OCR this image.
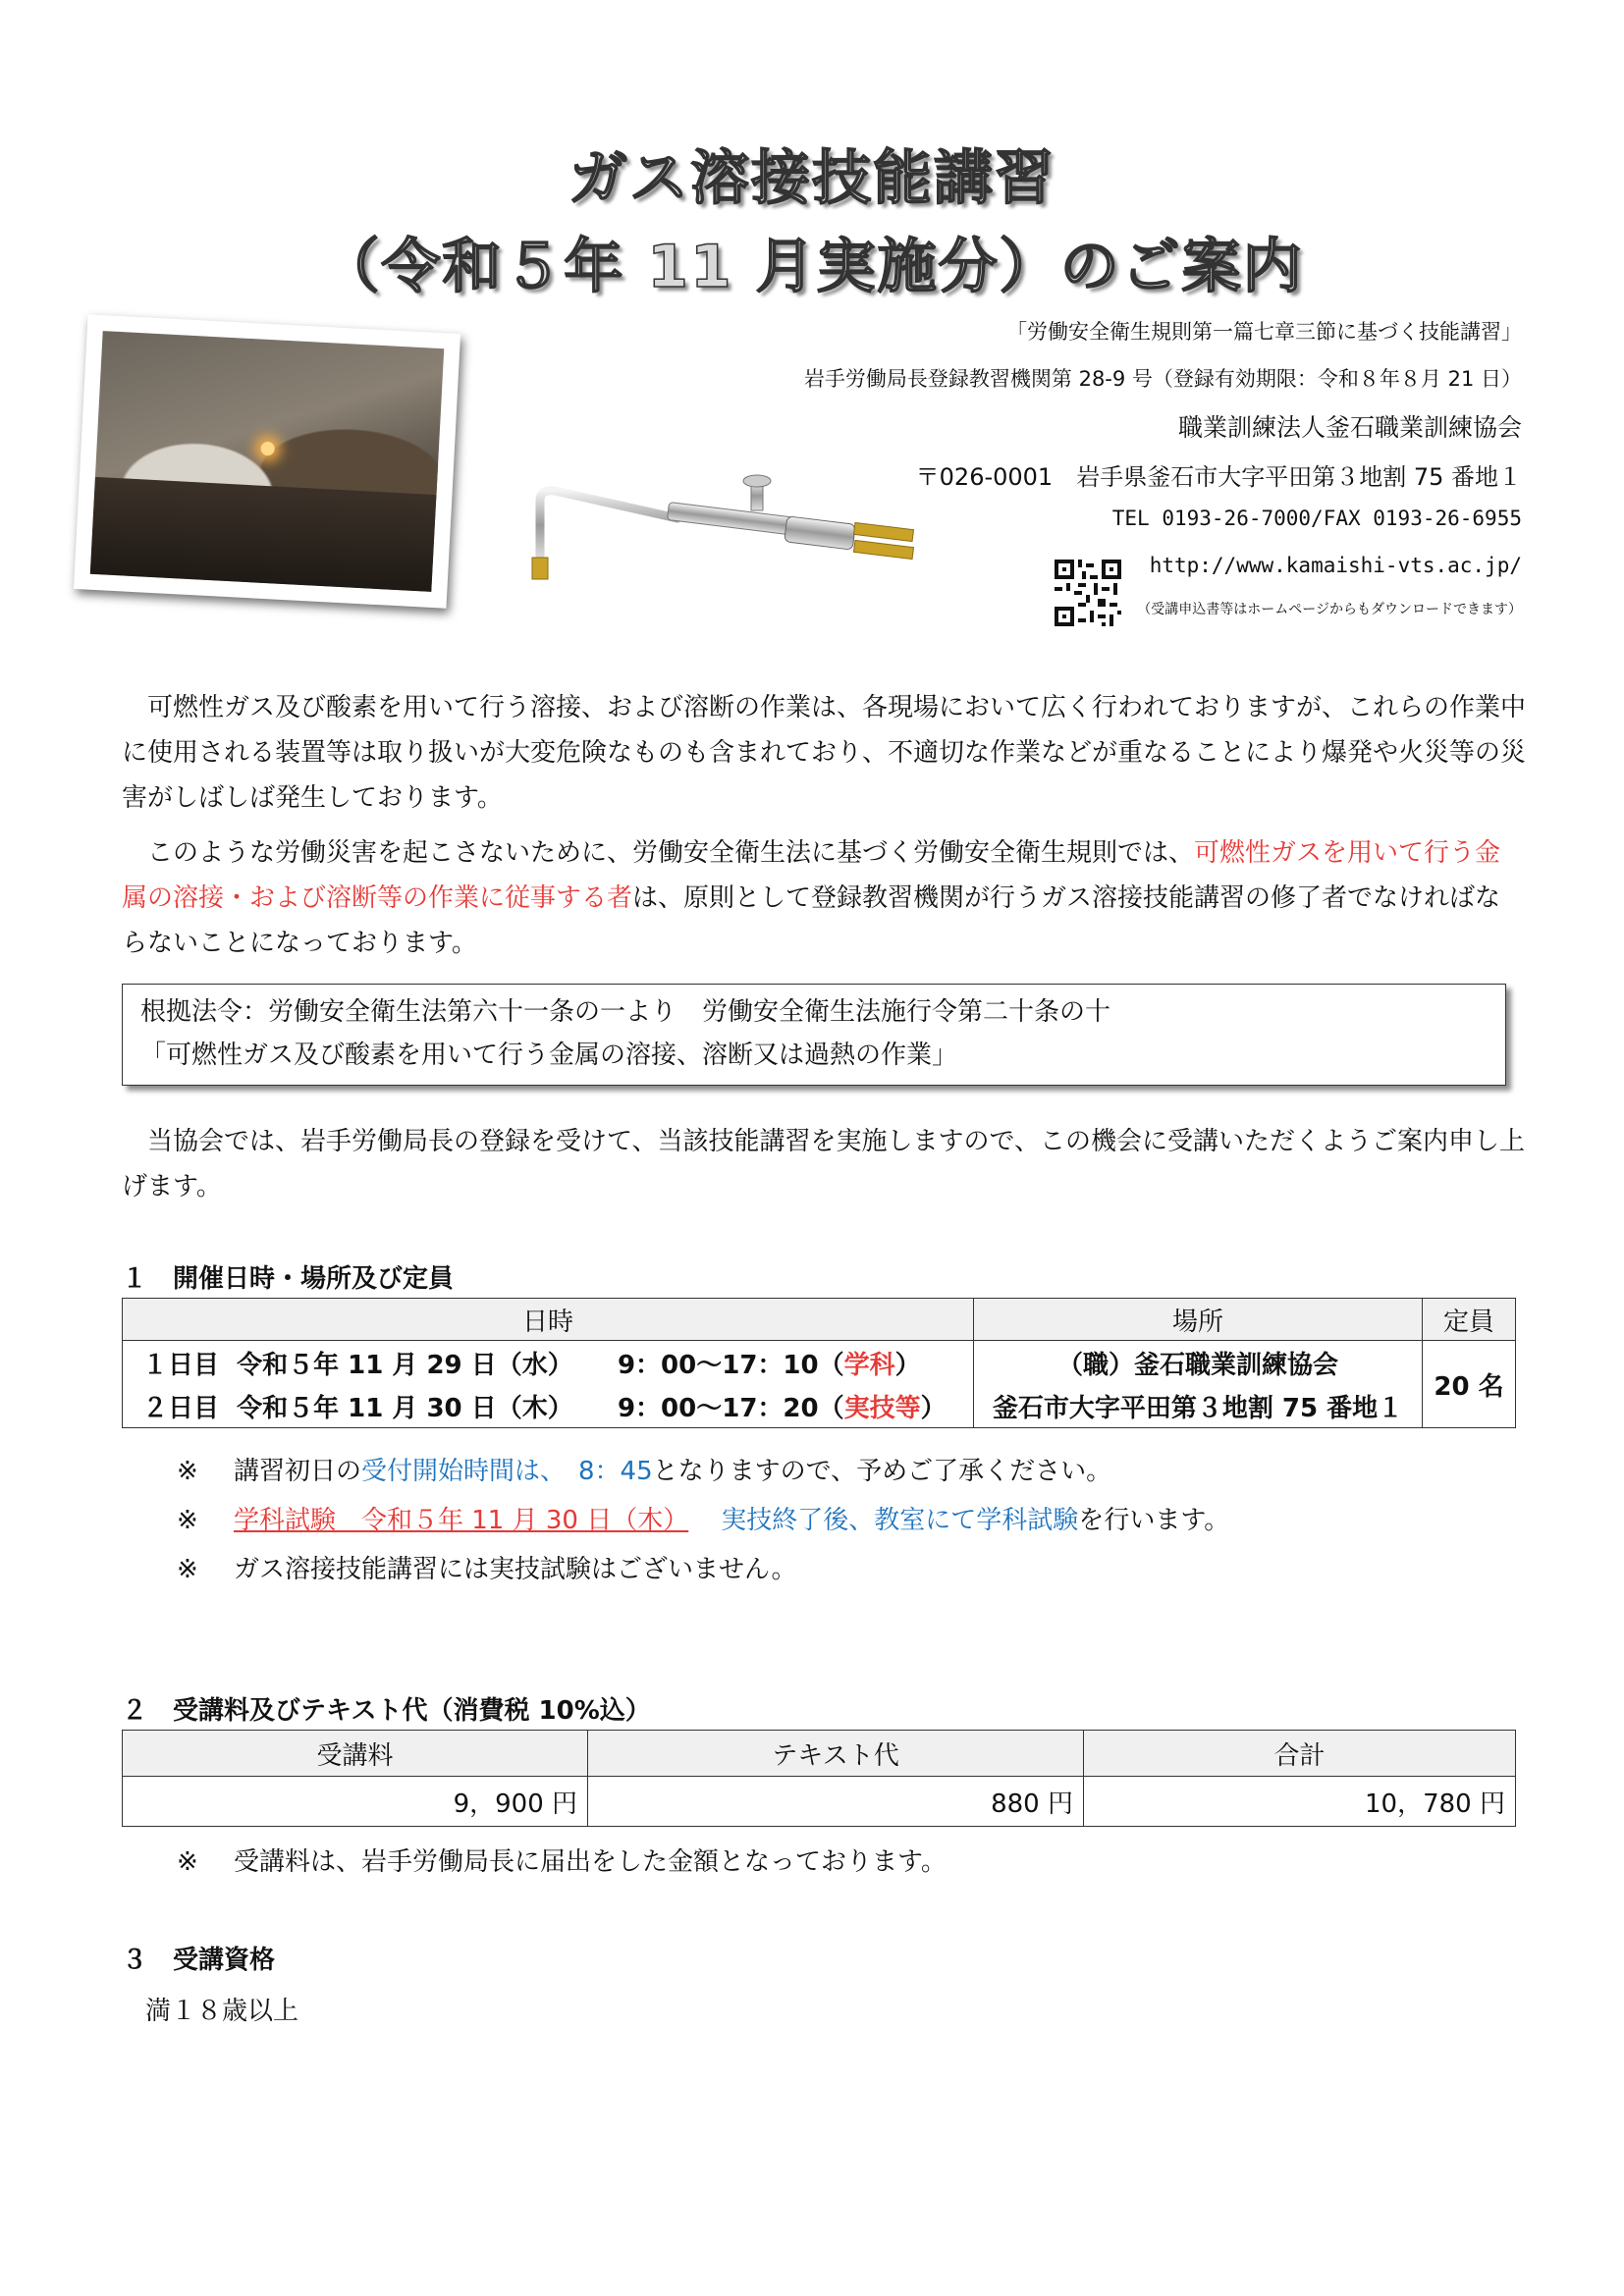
ガス溶接技能講習
（令和５年 11 月実施分）のご案内
「労働安全衛生規則第一篇七章三節に基づく技能講習」
岩手労働局長登録教習機関第 28-9 号（登録有効期限：令和８年８月 21 日）
職業訓練法人釜石職業訓練協会
〒026-0001　岩手県釜石市大字平田第３地割 75 番地１
TEL 0193-26-7000/FAX 0193-26-6955
http://www.kamaishi-vts.ac.jp/
（受講申込書等はホームページからもダウンロードできます）
可燃性ガス及び酸素を用いて行う溶接、および溶断の作業は、各現場において広く行われておりますが、これらの作業中に使用される装置等は取り扱いが大変危険なものも含まれており、不適切な作業などが重なることにより爆発や火災等の災害がしばしば発生しております。
このような労働災害を起こさないために、労働安全衛生法に基づく労働安全衛生規則では、可燃性ガスを用いて行う金属の溶接・および溶断等の作業に従事する者は、原則として登録教習機関が行うガス溶接技能講習の修了者でなければならないことになっております。
根拠法令：労働安全衛生法第六十一条の一より　労働安全衛生法施行令第二十条の十
「可燃性ガス及び酸素を用いて行う金属の溶接、溶断又は過熱の作業」
当協会では、岩手労働局長の登録を受けて、当該技能講習を実施しますので、この機会に受講いただくようご案内申し上げます。
１　開催日時・場所及び定員
日時	場所	定員
１日目 令和５年 11 月 29 日（水） 9：00～17：10（学科）	（職）釜石職業訓練協会	20 名
２日目 令和５年 11 月 30 日（木） 9：00～17：20（実技等）	釜石市大字平田第３地割 75 番地１	
※ 講習初日の受付開始時間は、　8：45となりますので、予めご了承ください。
※ 学科試験　令和５年 11 月 30 日（木） 実技終了後、教室にて学科試験を行います。
※ ガス溶接技能講習には実技試験はございません。
２　受講料及びテキスト代（消費税 10%込）
受講料	テキスト代	合計
9，900 円	880 円	10，780 円
※ 受講料は、岩手労働局長に届出をした金額となっております。
３　受講資格
満１８歳以上
